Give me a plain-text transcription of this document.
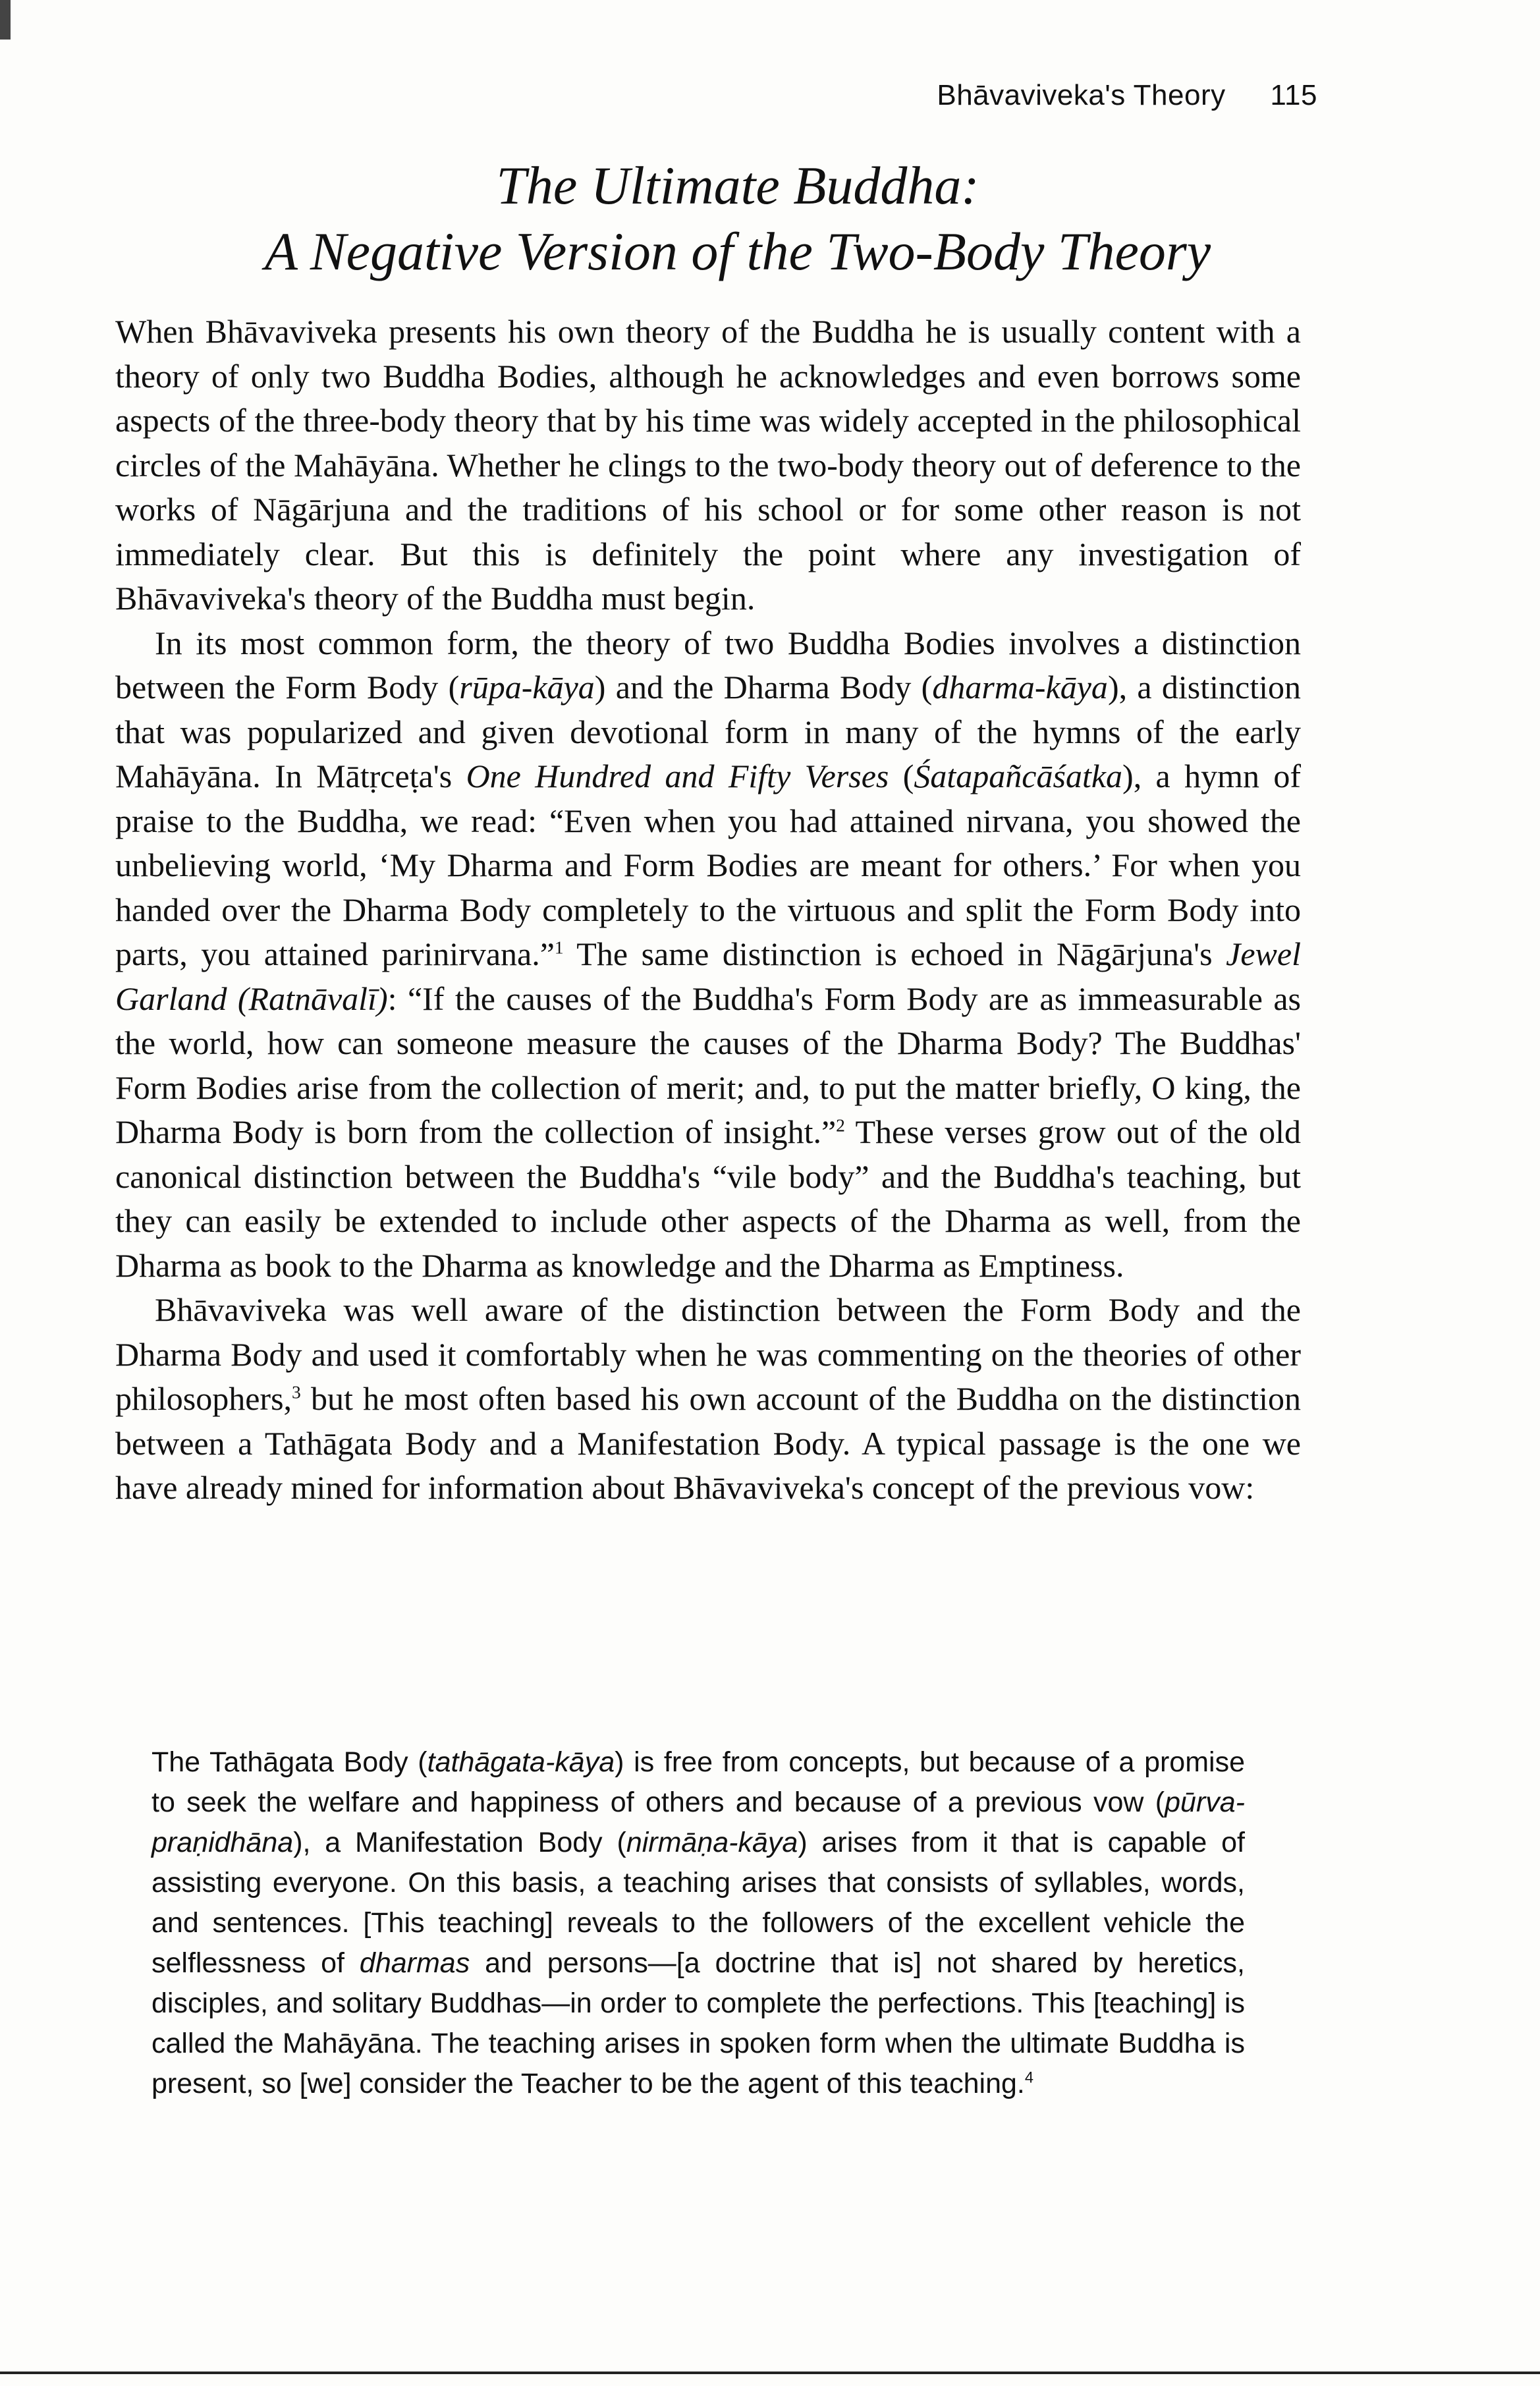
Bhāvaviveka's Theory 115
The Ultimate Buddha:
A Negative Version of the Two-Body Theory

When Bhāvaviveka presents his own theory of the Buddha he is usually content with a theory of only two Buddha Bodies, although he acknowledges and even borrows some aspects of the three-body theory that by his time was widely accepted in the philosophical circles of the Mahāyāna. Whether he clings to the two-body theory out of deference to the works of Nāgārjuna and the traditions of his school or for some other reason is not immediately clear. But this is definitely the point where any investigation of Bhāvaviveka's theory of the Buddha must begin.

In its most common form, the theory of two Buddha Bodies involves a distinction between the Form Body (rūpa-kāya) and the Dharma Body (dharma-kāya), a distinction that was popularized and given devotional form in many of the hymns of the early Mahāyāna. In Mātṛceṭa's One Hundred and Fifty Verses (Śatapañcāśatka), a hymn of praise to the Buddha, we read: “Even when you had attained nirvana, you showed the unbelieving world, ‘My Dharma and Form Bodies are meant for others.’ For when you handed over the Dharma Body completely to the virtuous and split the Form Body into parts, you attained parinirvana.”$^1$ The same distinction is echoed in Nāgārjuna's Jewel Garland (Ratnāvalī): “If the causes of the Buddha's Form Body are as immeasurable as the world, how can someone measure the causes of the Dharma Body? The Buddhas' Form Bodies arise from the collection of merit; and, to put the matter briefly, O king, the Dharma Body is born from the collection of insight.”$^2$ These verses grow out of the old canonical distinction between the Buddha's “vile body” and the Buddha's teaching, but they can easily be extended to include other aspects of the Dharma as well, from the Dharma as book to the Dharma as knowledge and the Dharma as Emptiness.

Bhāvaviveka was well aware of the distinction between the Form Body and the Dharma Body and used it comfortably when he was commenting on the theories of other philosophers,$^3$ but he most often based his own account of the Buddha on the distinction between a Tathāgata Body and a Manifestation Body. A typical passage is the one we have already mined for information about Bhāvaviveka's concept of the previous vow:

The Tathāgata Body (tathāgata-kāya) is free from concepts, but because of a promise to seek the welfare and happiness of others and because of a previous vow (pūrva-praṇidhāna), a Manifestation Body (nirmāṇa-kāya) arises from it that is capable of assisting everyone. On this basis, a teaching arises that consists of syllables, words, and sentences. [This teaching] reveals to the followers of the excellent vehicle the selflessness of dharmas and persons—[a doctrine that is] not shared by heretics, disciples, and solitary Buddhas—in order to complete the perfections. This [teaching] is called the Mahāyāna. The teaching arises in spoken form when the ultimate Buddha is present, so [we] consider the Teacher to be the agent of this teaching.$^4$
